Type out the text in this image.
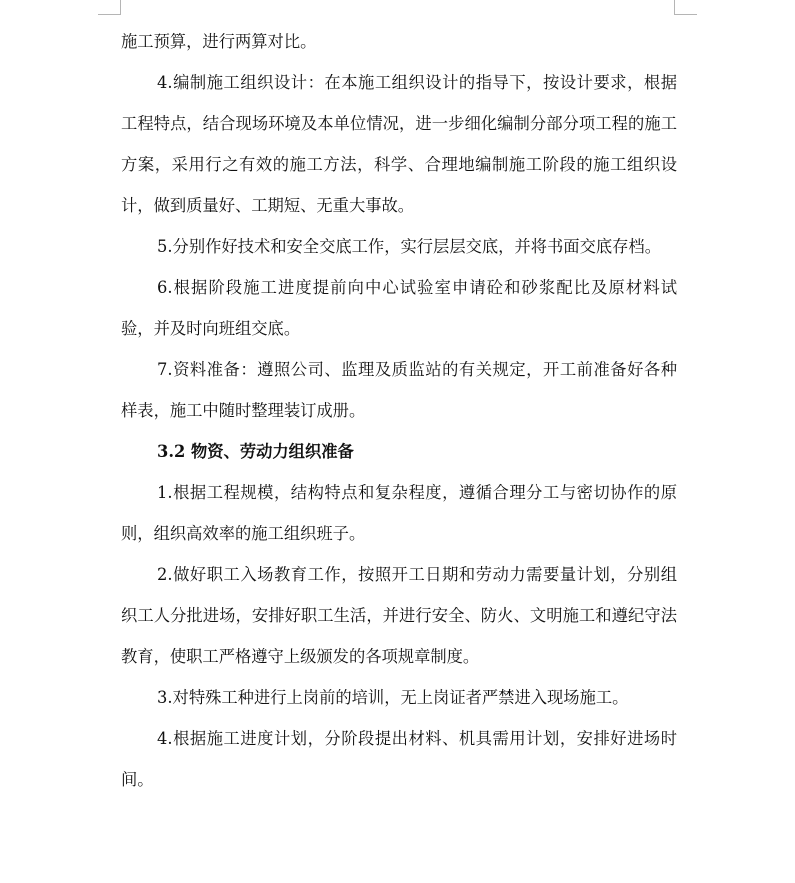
施工预算，进行两算对比。

4.编制施工组织设计：在本施工组织设计的指导下，按设计要求，根据工程特点，结合现场环境及本单位情况，进一步细化编制分部分项工程的施工方案，采用行之有效的施工方法，科学、合理地编制施工阶段的施工组织设计，做到质量好、工期短、无重大事故。

5.分别作好技术和安全交底工作，实行层层交底，并将书面交底存档。

6.根据阶段施工进度提前向中心试验室申请砼和砂浆配比及原材料试验，并及时向班组交底。

7.资料准备：遵照公司、监理及质监站的有关规定，开工前准备好各种样表，施工中随时整理装订成册。

3.2 物资、劳动力组织准备

1.根据工程规模，结构特点和复杂程度，遵循合理分工与密切协作的原则，组织高效率的施工组织班子。

2.做好职工入场教育工作，按照开工日期和劳动力需要量计划，分别组织工人分批进场，安排好职工生活，并进行安全、防火、文明施工和遵纪守法教育，使职工严格遵守上级颁发的各项规章制度。

3.对特殊工种进行上岗前的培训，无上岗证者严禁进入现场施工。

4.根据施工进度计划，分阶段提出材料、机具需用计划，安排好进场时间。
